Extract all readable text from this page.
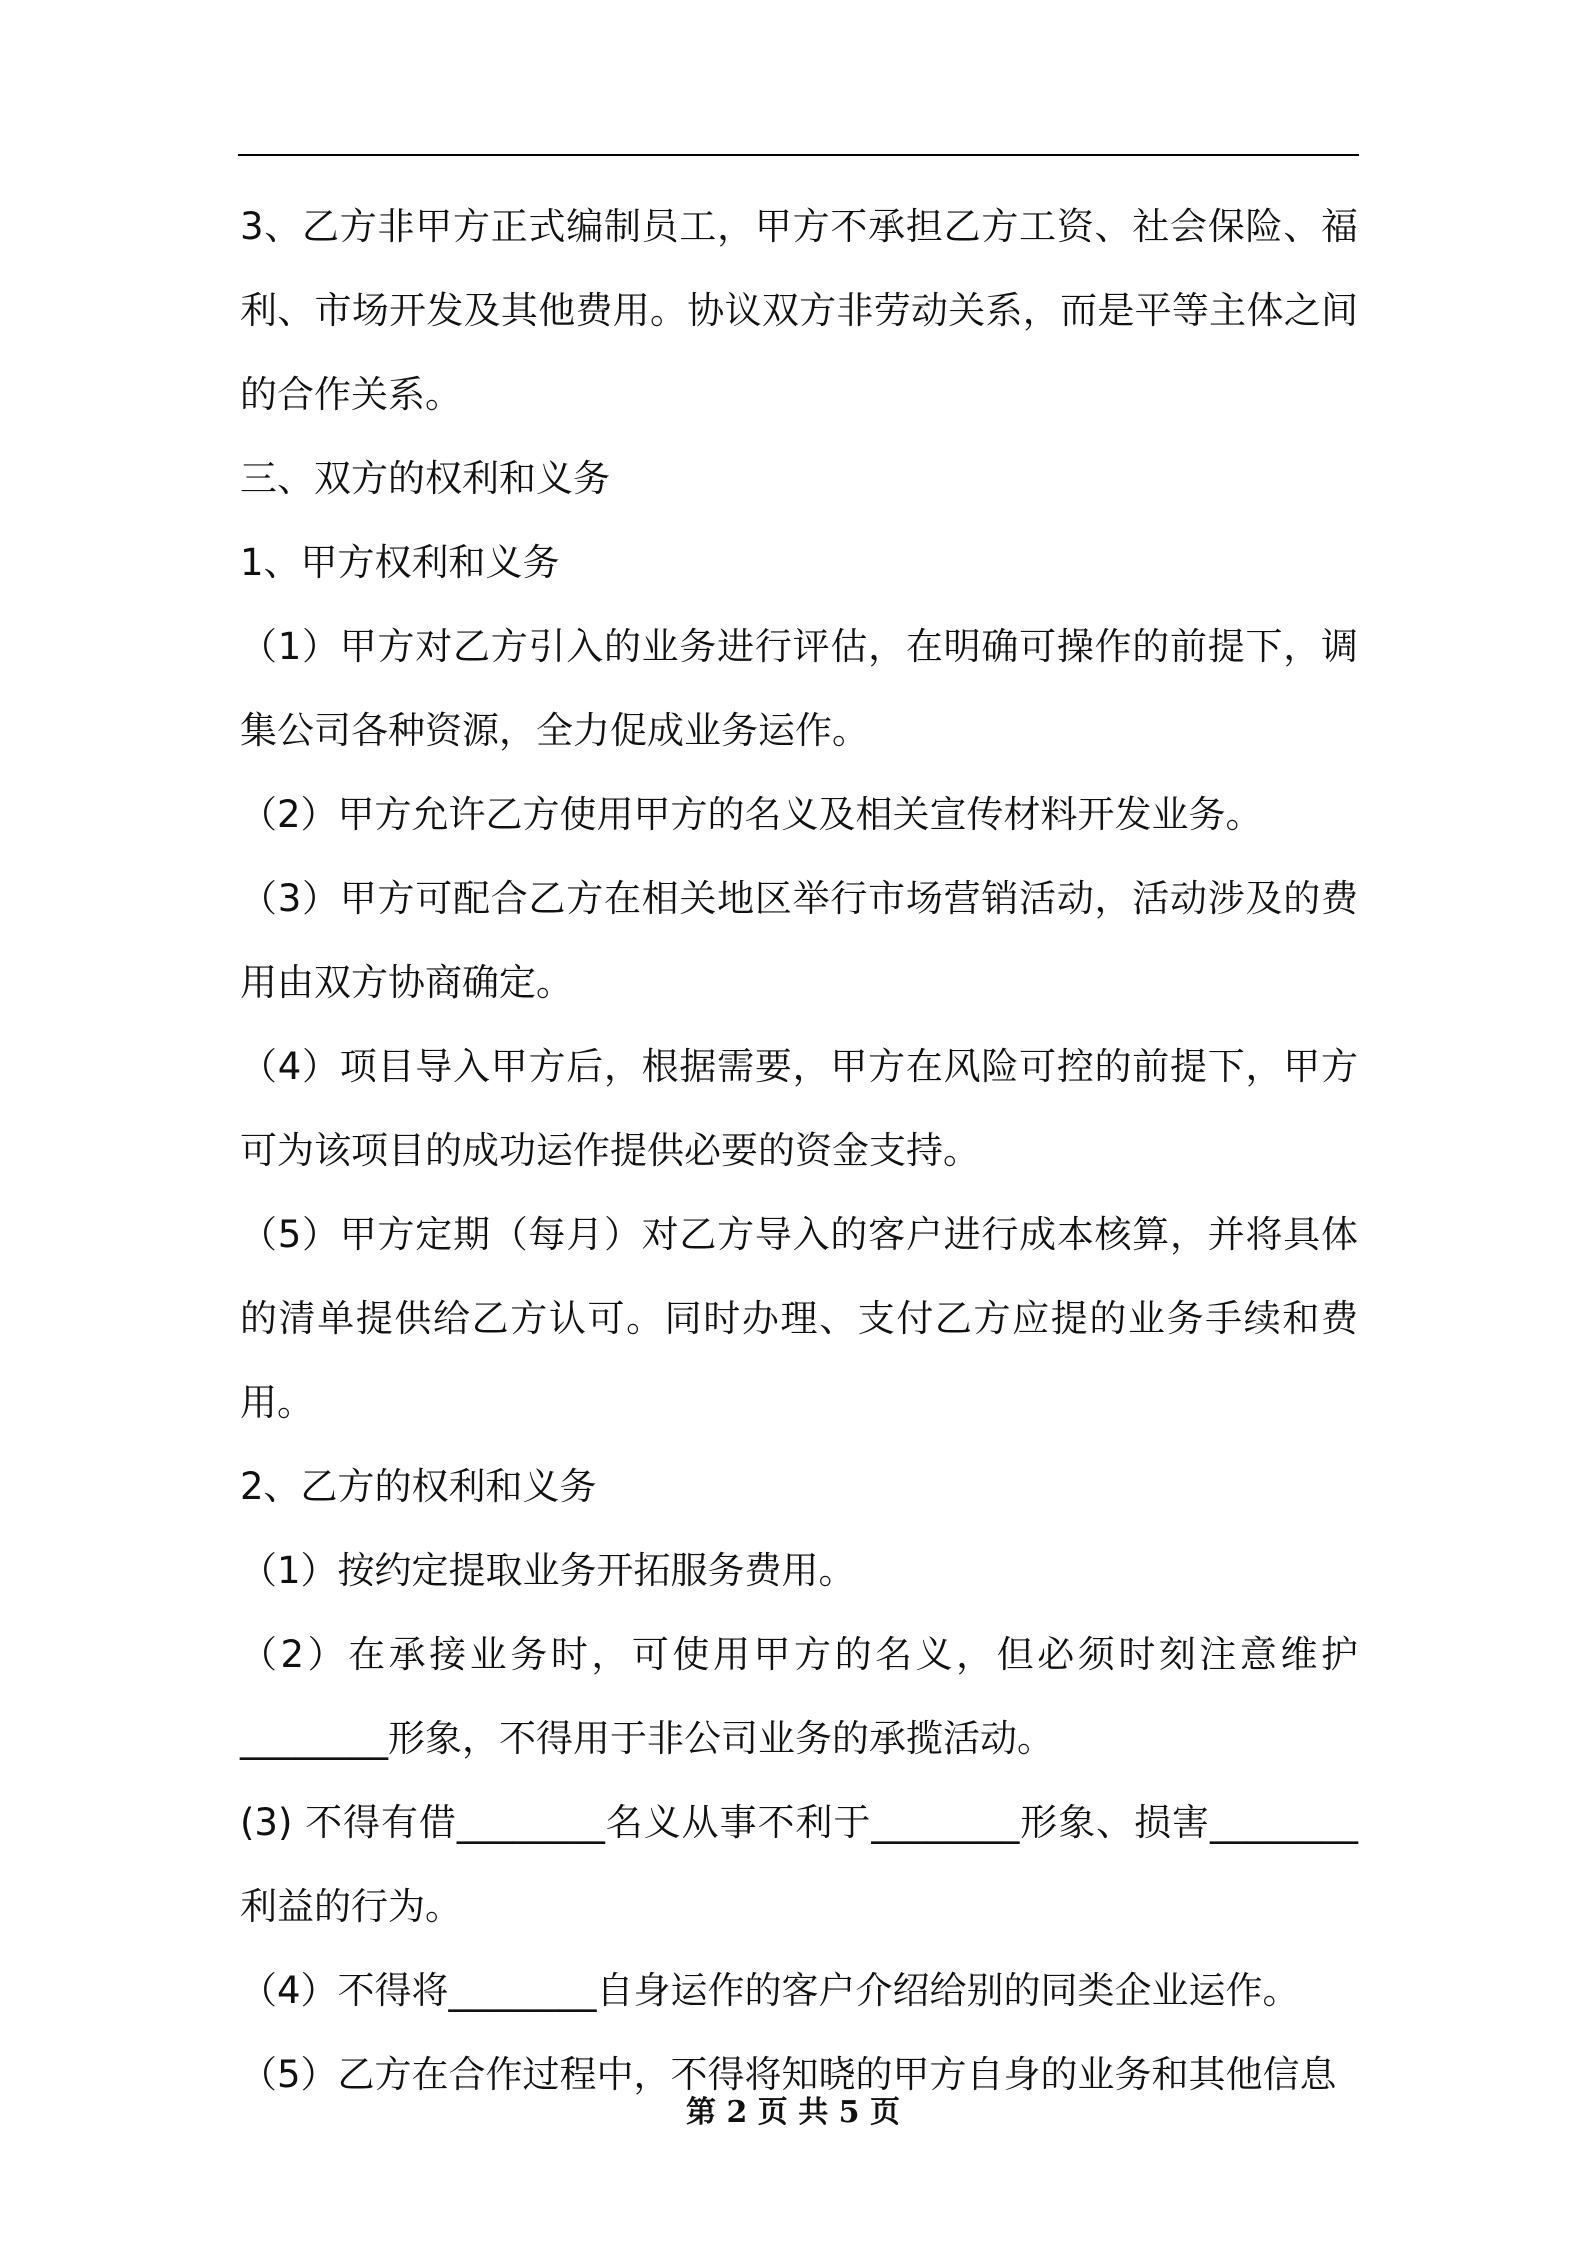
3、乙方非甲方正式编制员工，甲方不承担乙方工资、社会保险、福利、市场开发及其他费用。协议双方非劳动关系，而是平等主体之间的合作关系。

三、双方的权利和义务

1、甲方权利和义务

（1）甲方对乙方引入的业务进行评估，在明确可操作的前提下，调集公司各种资源，全力促成业务运作。

（2）甲方允许乙方使用甲方的名义及相关宣传材料开发业务。

（3）甲方可配合乙方在相关地区举行市场营销活动，活动涉及的费用由双方协商确定。

（4）项目导入甲方后，根据需要，甲方在风险可控的前提下，甲方可为该项目的成功运作提供必要的资金支持。

（5）甲方定期（每月）对乙方导入的客户进行成本核算，并将具体的清单提供给乙方认可。同时办理、支付乙方应提的业务手续和费用。

2、乙方的权利和义务

（1）按约定提取业务开拓服务费用。

（2）在承接业务时，可使用甲方的名义，但必须时刻注意维护________形象，不得用于非公司业务的承揽活动。

(3) 不得有借________名义从事不利于________形象、损害________利益的行为。

（4）不得将________自身运作的客户介绍给别的同类企业运作。

（5）乙方在合作过程中，不得将知晓的甲方自身的业务和其他信息

第 2 页 共 5 页
